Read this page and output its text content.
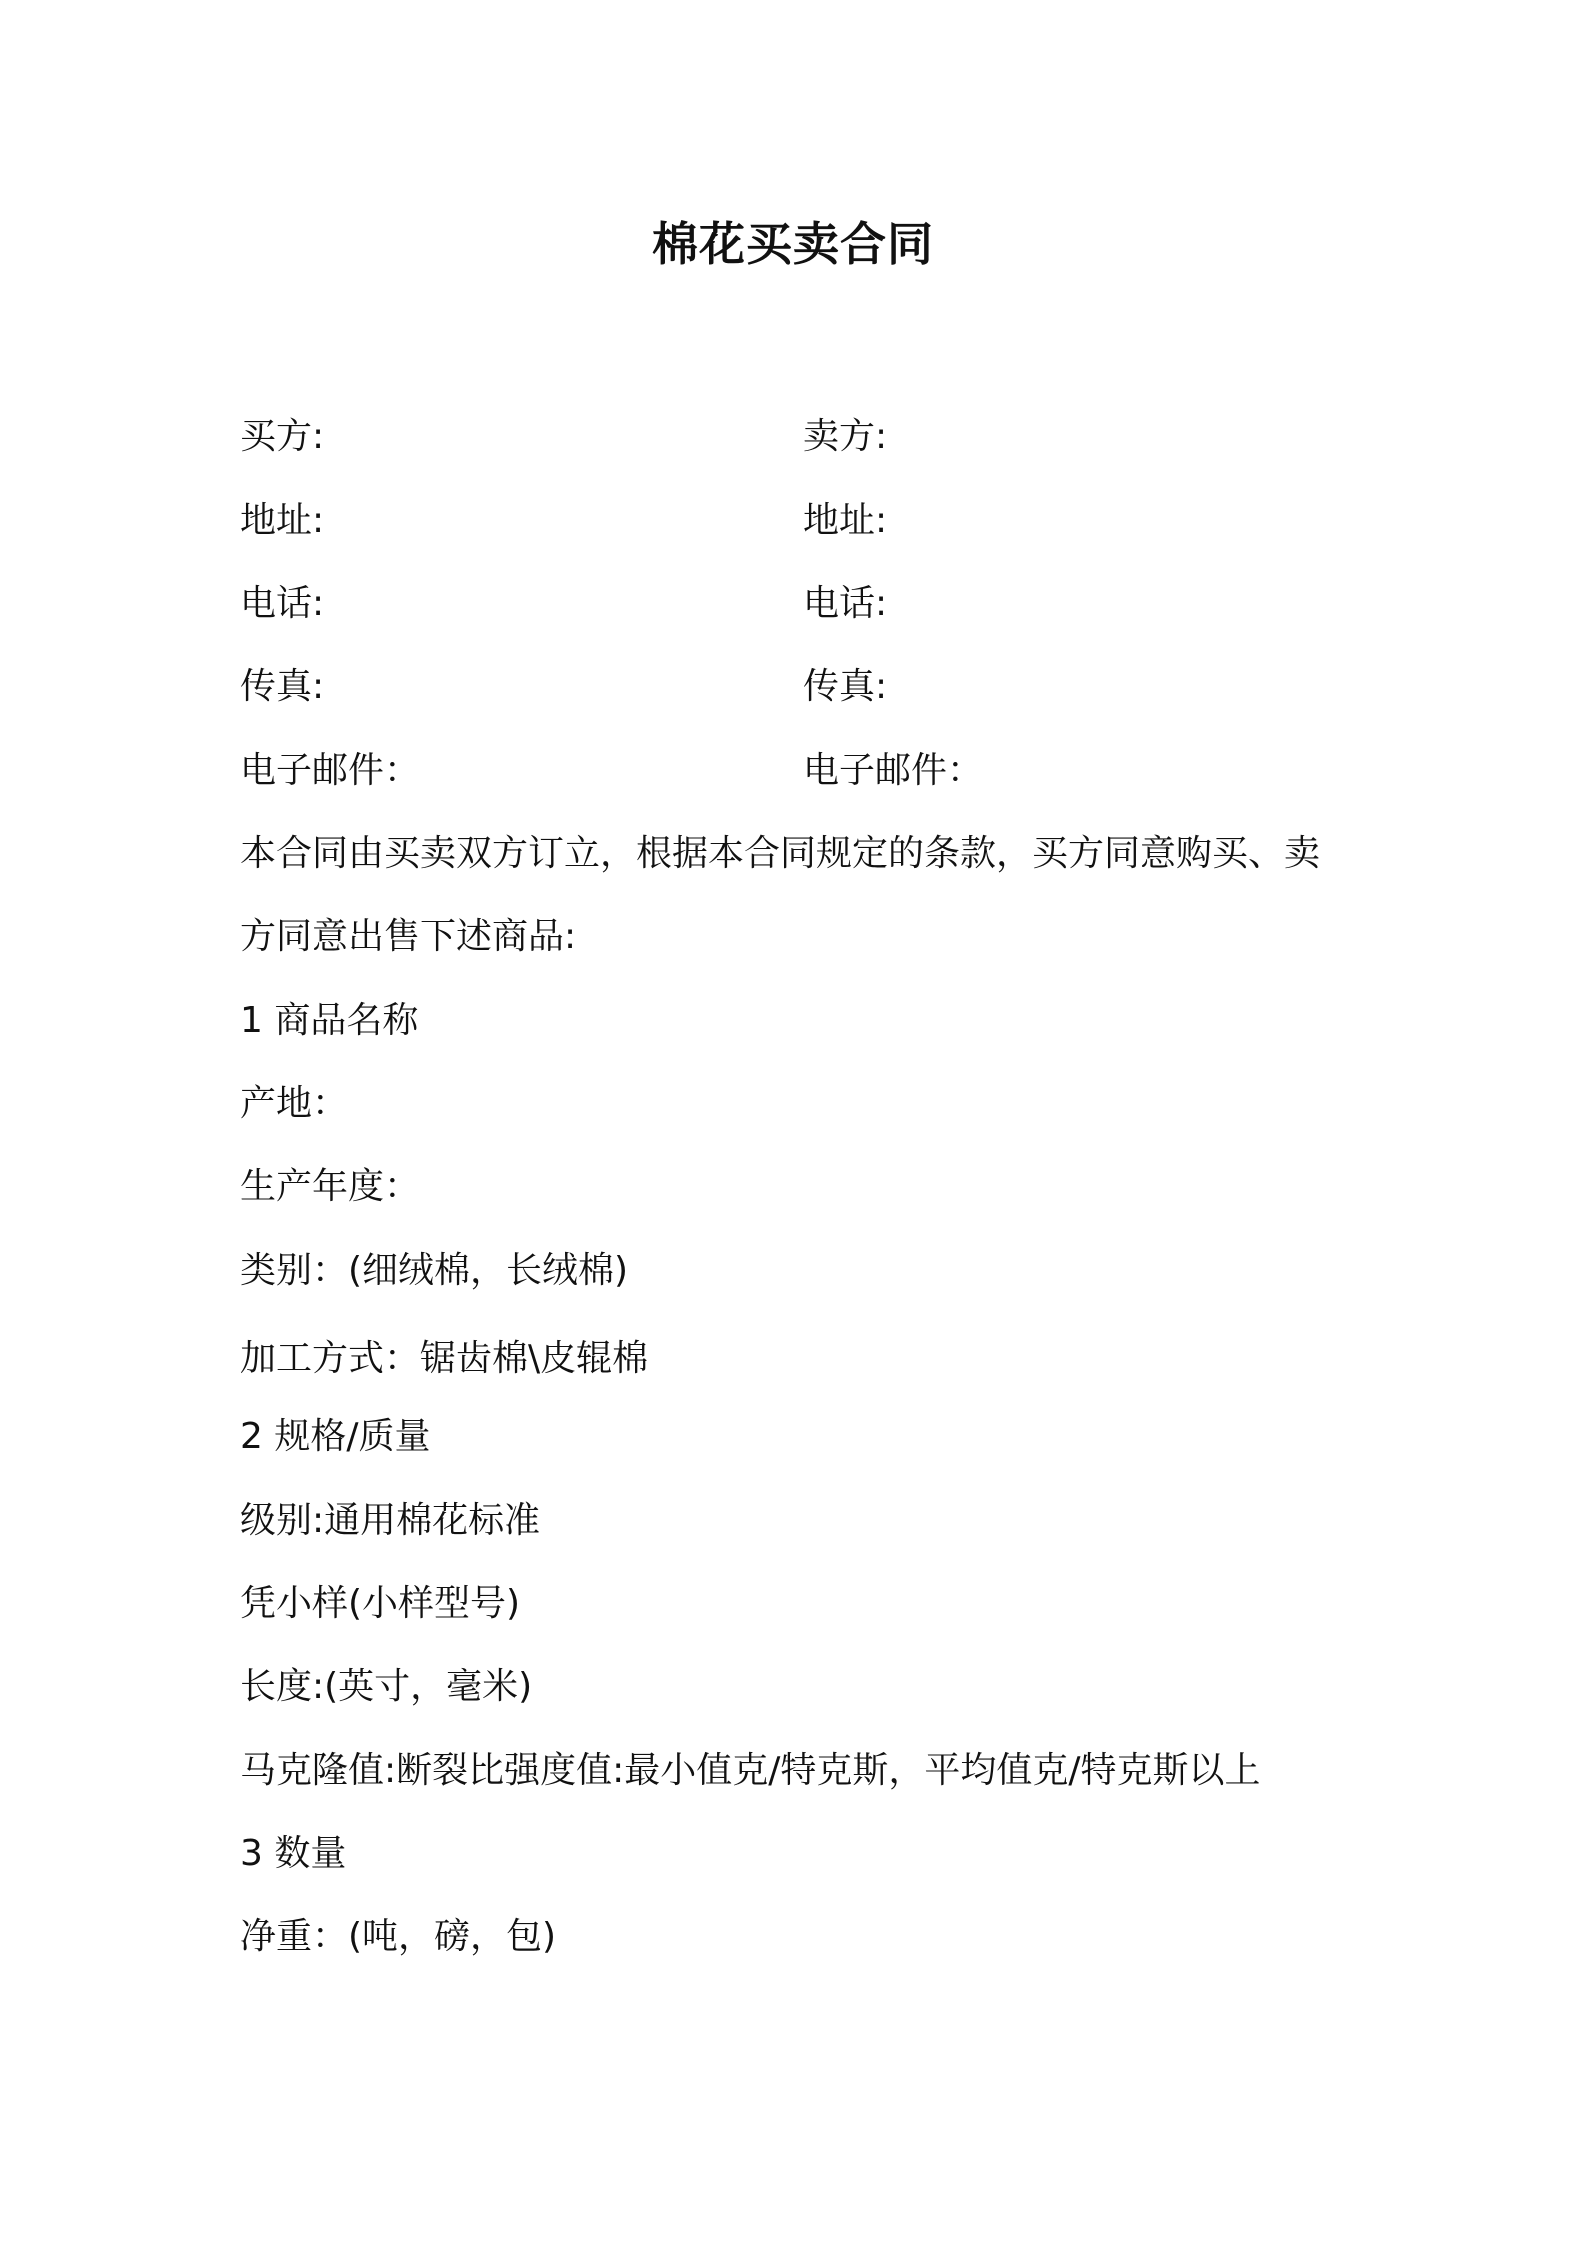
棉花买卖合同
买方:	卖方:
地址:	地址:
电话:	电话:
传真:	传真:
电子邮件：	电子邮件：
本合同由买卖双方订立，根据本合同规定的条款，买方同意购买、卖
方同意出售下述商品:
1 商品名称
产地：
生产年度：
类别：(细绒棉，长绒棉)
加工方式：锯齿棉\皮辊棉
2 规格/质量
级别:通用棉花标准
凭小样(小样型号)
长度:(英寸，毫米)
马克隆值:断裂比强度值:最小值克/特克斯，平均值克/特克斯以上
3 数量
净重：(吨，磅，包)
